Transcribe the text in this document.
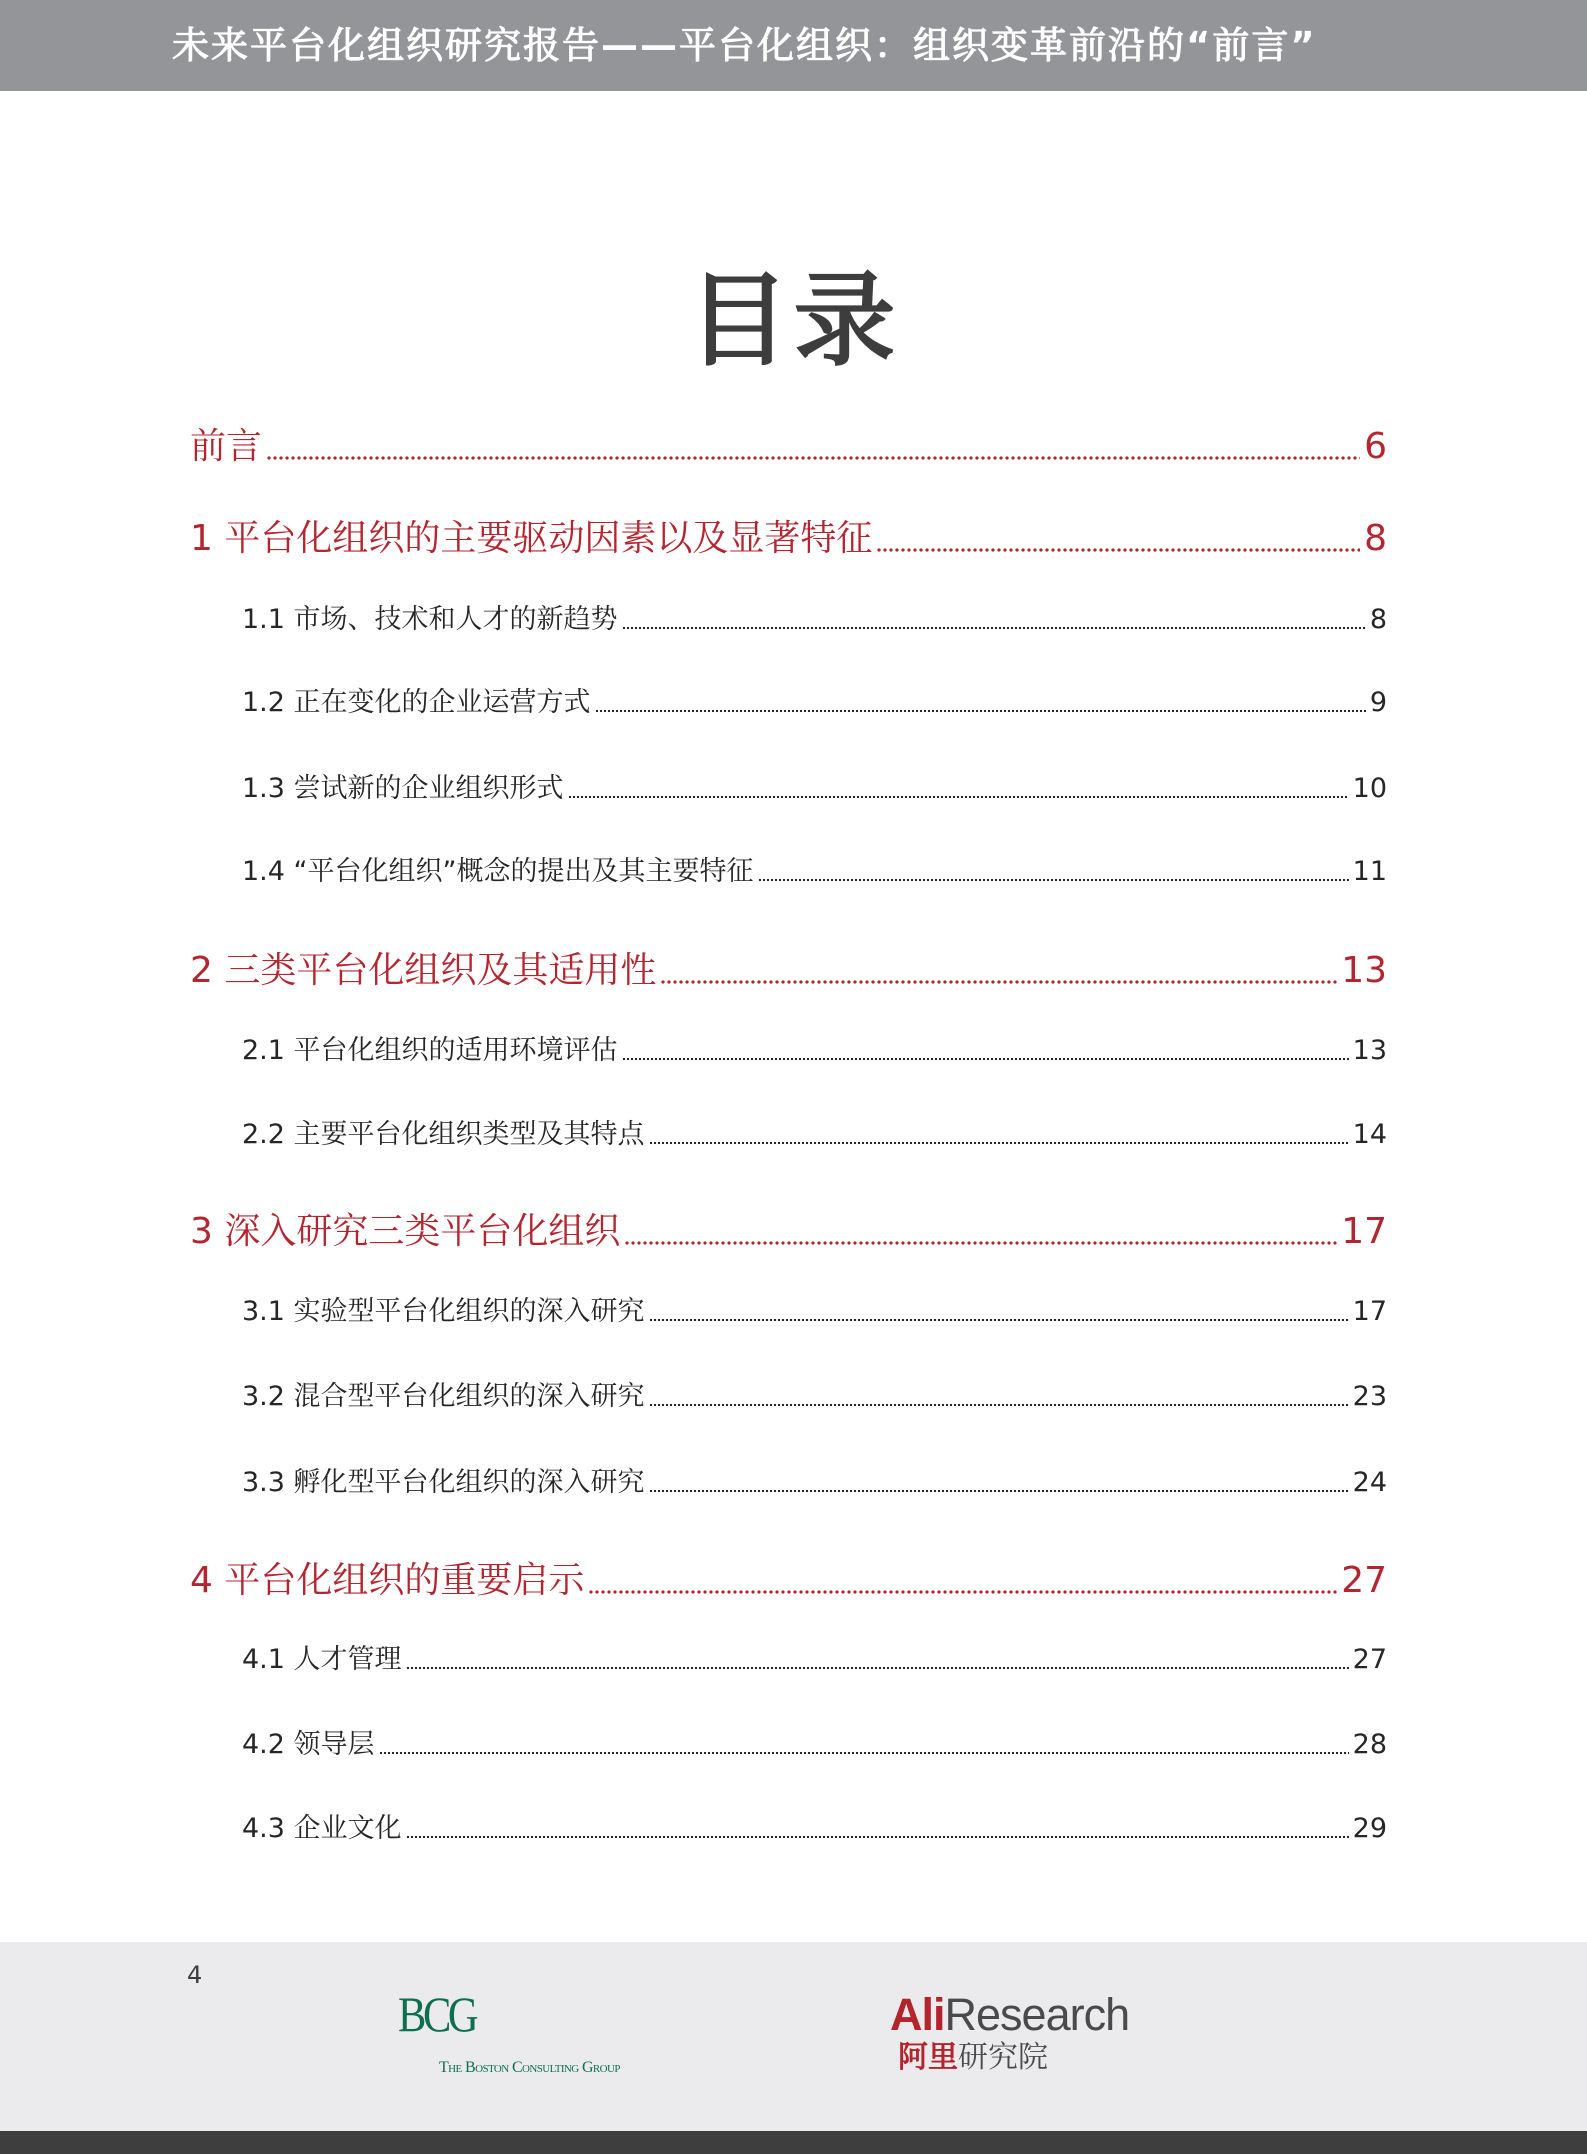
未来平台化组织研究报告——平台化组织：组织变革前沿的“前言”
目录
前言	6
1 平台化组织的主要驱动因素以及显著特征	8
1.1 市场、技术和人才的新趋势	8
1.2 正在变化的企业运营方式	9
1.3 尝试新的企业组织形式	10
1.4 “平台化组织”概念的提出及其主要特征	11
2 三类平台化组织及其适用性	13
2.1 平台化组织的适用环境评估	13
2.2 主要平台化组织类型及其特点	14
3 深入研究三类平台化组织	17
3.1 实验型平台化组织的深入研究	17
3.2 混合型平台化组织的深入研究	23
3.3 孵化型平台化组织的深入研究	24
4 平台化组织的重要启示	27
4.1 人才管理	27
4.2 领导层	28
4.3 企业文化	29
4
BCG
The Boston Consulting Group
AliResearch
阿里研究院
